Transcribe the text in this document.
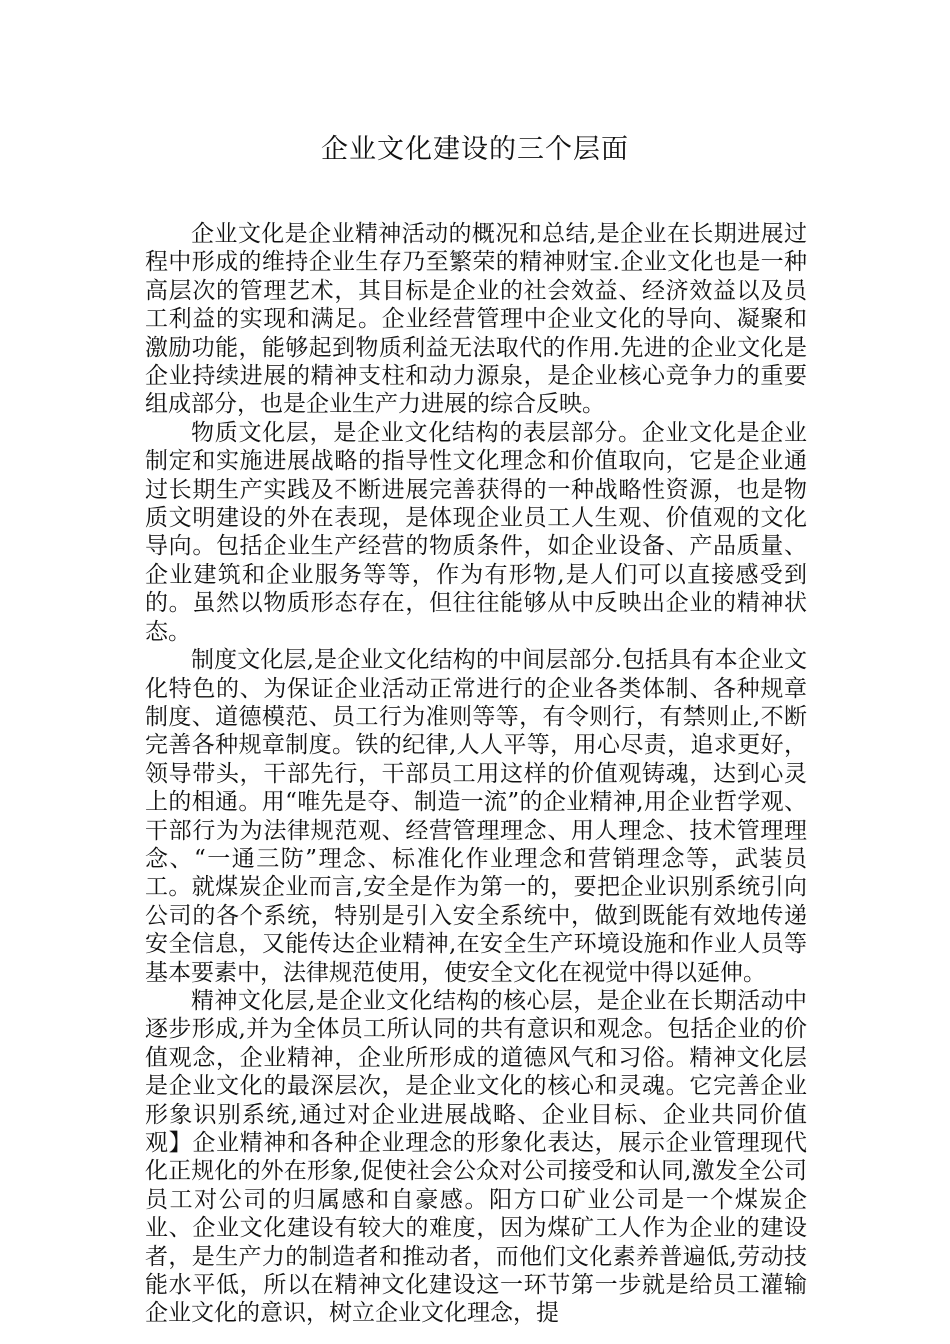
企业文化建设的三个层面

企业文化是企业精神活动的概况和总结,是企业在长期进展过程中形成的维持企业生存乃至繁荣的精神财宝.企业文化也是一种高层次的管理艺术，其目标是企业的社会效益、经济效益以及员工利益的实现和满足。企业经营管理中企业文化的导向、凝聚和激励功能，能够起到物质利益无法取代的作用.先进的企业文化是企业持续进展的精神支柱和动力源泉，是企业核心竞争力的重要组成部分，也是企业生产力进展的综合反映。

物质文化层，是企业文化结构的表层部分。企业文化是企业制定和实施进展战略的指导性文化理念和价值取向，它是企业通过长期生产实践及不断进展完善获得的一种战略性资源，也是物质文明建设的外在表现，是体现企业员工人生观、价值观的文化导向。包括企业生产经营的物质条件，如企业设备、产品质量、企业建筑和企业服务等等，作为有形物,是人们可以直接感受到的。虽然以物质形态存在，但往往能够从中反映出企业的精神状态。

制度文化层,是企业文化结构的中间层部分.包括具有本企业文化特色的、为保证企业活动正常进行的企业各类体制、各种规章制度、道德模范、员工行为准则等等，有令则行，有禁则止,不断完善各种规章制度。铁的纪律,人人平等，用心尽责，追求更好，领导带头，干部先行，干部员工用这样的价值观铸魂，达到心灵上的相通。用“唯先是夺、制造一流”的企业精神,用企业哲学观、干部行为为法律规范观、经营管理理念、用人理念、技术管理理念、“一通三防”理念、标准化作业理念和营销理念等，武装员工。就煤炭企业而言,安全是作为第一的，要把企业识别系统引向公司的各个系统，特别是引入安全系统中，做到既能有效地传递安全信息，又能传达企业精神,在安全生产环境设施和作业人员等基本要素中，法律规范使用，使安全文化在视觉中得以延伸。

精神文化层,是企业文化结构的核心层，是企业在长期活动中逐步形成,并为全体员工所认同的共有意识和观念。包括企业的价值观念，企业精神，企业所形成的道德风气和习俗。精神文化层是企业文化的最深层次，是企业文化的核心和灵魂。它完善企业形象识别系统,通过对企业进展战略、企业目标、企业共同价值观】企业精神和各种企业理念的形象化表达，展示企业管理现代化正规化的外在形象,促使社会公众对公司接受和认同,激发全公司员工对公司的归属感和自豪感。阳方口矿业公司是一个煤炭企业、企业文化建设有较大的难度，因为煤矿工人作为企业的建设者，是生产力的制造者和推动者，而他们文化素养普遍低,劳动技能水平低，所以在精神文化建设这一环节第一步就是给员工灌输企业文化的意识，树立企业文化理念，提
